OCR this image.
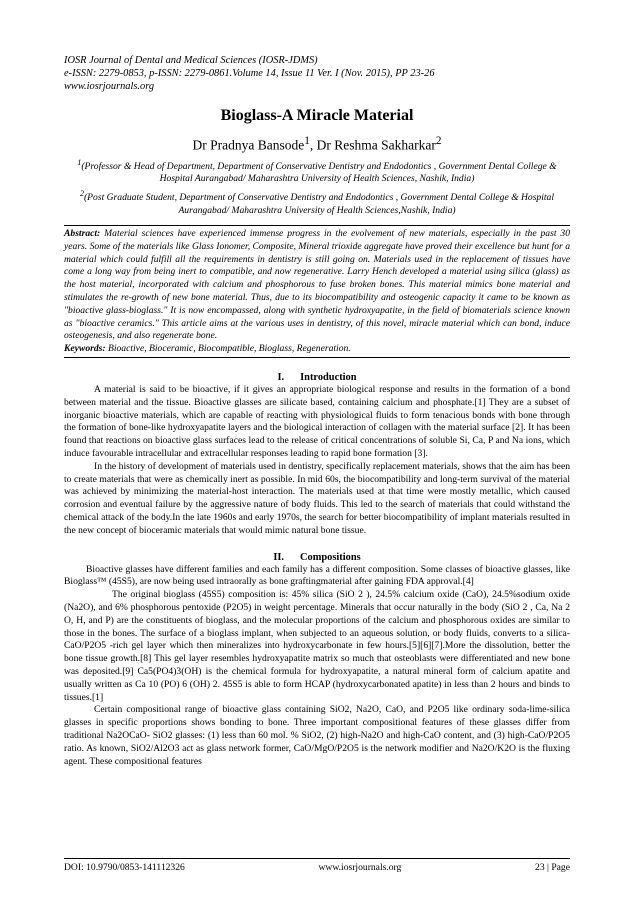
IOSR Journal of Dental and Medical Sciences (IOSR-JDMS)
e-ISSN: 2279-0853, p-ISSN: 2279-0861.Volume 14, Issue 11 Ver. I (Nov. 2015), PP 23-26
www.iosrjournals.org
Bioglass-A Miracle Material
Dr Pradnya Bansode$^1$, Dr Reshma Sakharkar$^2$
$^1$(Professor & Head of Department, Department of Conservative Dentistry and Endodontics , Government Dental College & Hospital Aurangabad/ Maharashtra University of Health Sciences, Nashik, India)
$^2$(Post Graduate Student, Department of Conservative Dentistry and Endodontics , Government Dental College & Hospital Aurangabad/ Maharashtra University of Health Sciences,Nashik, India)
Abstract: Material sciences have experienced immense progress in the evolvement of new materials, especially in the past 30 years. Some of the materials like Glass Ionomer, Composite, Mineral trioxide aggregate have proved their excellence but hunt for a material which could fulfill all the requirements in dentistry is still going on. Materials used in the replacement of tissues have come a long way from being inert to compatible, and now regenerative. Larry Hench developed a material using silica (glass) as the host material, incorporated with calcium and phosphorous to fuse broken bones. This material mimics bone material and stimulates the re-growth of new bone material. Thus, due to its biocompatibility and osteogenic capacity it came to be known as "bioactive glass-bioglass." It is now encompassed, along with synthetic hydroxyapatite, in the field of biomaterials science known as "bioactive ceramics." This article aims at the various uses in dentistry, of this novel, miracle material which can bond, induce osteogenesis, and also regenerate bone.
Keywords: Bioactive, Bioceramic, Biocompatible, Bioglass, Regeneration.
I. Introduction

A material is said to be bioactive, if it gives an appropriate biological response and results in the formation of a bond between material and the tissue. Bioactive glasses are silicate based, containing calcium and phosphate.[1] They are a subset of inorganic bioactive materials, which are capable of reacting with physiological fluids to form tenacious bonds with bone through the formation of bone-like hydroxyapatite layers and the biological interaction of collagen with the material surface [2]. It has been found that reactions on bioactive glass surfaces lead to the release of critical concentrations of soluble Si, Ca, P and Na ions, which induce favourable intracellular and extracellular responses leading to rapid bone formation [3].

In the history of development of materials used in dentistry, specifically replacement materials, shows that the aim has been to create materials that were as chemically inert as possible. In mid 60s, the biocompatibility and long-term survival of the material was achieved by minimizing the material-host interaction. The materials used at that time were mostly metallic, which caused corrosion and eventual failure by the aggressive nature of body fluids. This led to the search of materials that could withstand the chemical attack of the body.In the late 1960s and early 1970s, the search for better biocompatibility of implant materials resulted in the new concept of bioceramic materials that would mimic natural bone tissue.

II. Compositions

Bioactive glasses have different families and each family has a different composition. Some classes of bioactive glasses, like Bioglass™ (45S5), are now being used intraorally as bone graftingmaterial after gaining FDA approval.[4]

The original bioglass (45S5) composition is: 45% silica (SiO 2 ), 24.5% calcium oxide (CaO), 24.5%sodium oxide (Na2O), and 6% phosphorous pentoxide (P2O5) in weight percentage. Minerals that occur naturally in the body (SiO 2 , Ca, Na 2 O, H, and P) are the constituents of bioglass, and the molecular proportions of the calcium and phosphorous oxides are similar to those in the bones. The surface of a bioglass implant, when subjected to an aqueous solution, or body fluids, converts to a silica-CaO/P2O5 -rich gel layer which then mineralizes into hydroxycarbonate in few hours.[5][6][7].More the dissolution, better the bone tissue growth.[8] This gel layer resembles hydroxyapatite matrix so much that osteoblasts were differentiated and new bone was deposited.[9] Ca5(PO4)3(OH) is the chemical formula for hydroxyapatite, a natural mineral form of calcium apatite and usually written as Ca 10 (PO) 6 (OH) 2. 45S5 is able to form HCAP (hydroxycarbonated apatite) in less than 2 hours and binds to tissues.[1]

Certain compositional range of bioactive glass containing SiO2, Na2O, CaO, and P2O5 like ordinary soda-lime-silica glasses in specific proportions shows bonding to bone. Three important compositional features of these glasses differ from traditional Na2OCaO- SiO2 glasses: (1) less than 60 mol. % SiO2, (2) high-Na2O and high-CaO content, and (3) high-CaO/P2O5 ratio. As known, SiO2/Al2O3 act as glass network former, CaO/MgO/P2O5 is the network modifier and Na2O/K2O is the fluxing agent. These compositional features

DOI: 10.9790/0853-141112326	www.iosrjournals.org	23 | Page
